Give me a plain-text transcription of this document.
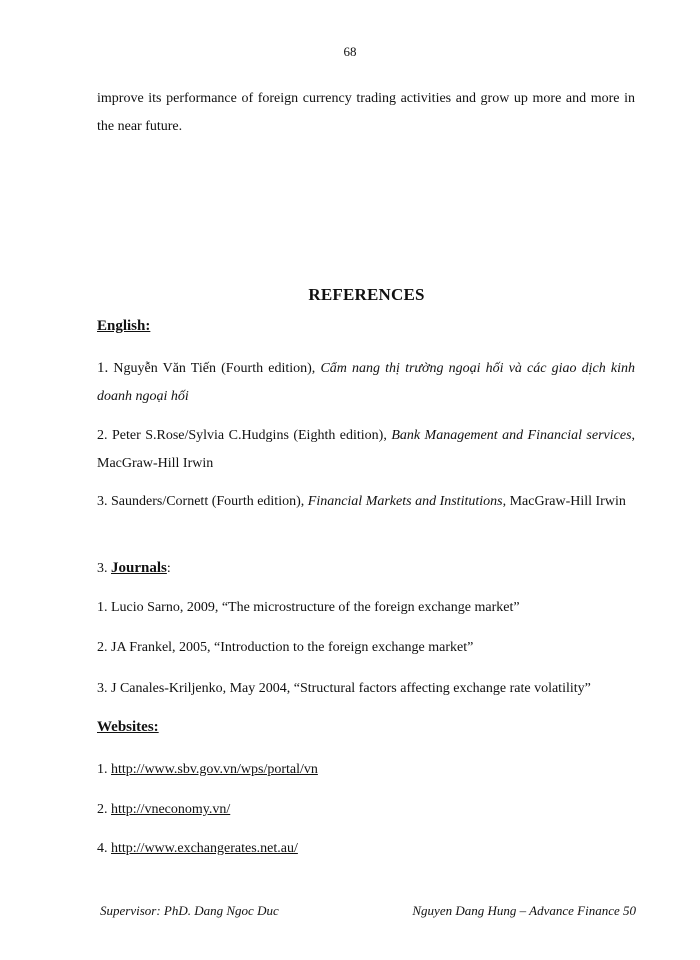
68
improve its performance of foreign currency trading activities and grow up more and more in the near future.
REFERENCES
English:
1. Nguyễn Văn Tiến (Fourth edition), Cẩm nang thị trường ngoại hối và các giao dịch kinh doanh ngoại hối
2. Peter S.Rose/Sylvia C.Hudgins (Eighth edition), Bank Management and Financial services, MacGraw-Hill Irwin
3. Saunders/Cornett (Fourth edition), Financial Markets and Institutions, MacGraw-Hill Irwin
3. Journals:
1. Lucio Sarno, 2009, “The microstructure of the foreign exchange market”
2. JA Frankel, 2005, “Introduction to the foreign exchange market”
3. J Canales-Kriljenko, May 2004, “Structural factors affecting exchange rate volatility”
Websites:
1. http://www.sbv.gov.vn/wps/portal/vn
2. http://vneconomy.vn/
4. http://www.exchangerates.net.au/
Supervisor: PhD. Dang Ngoc Duc	Nguyen Dang Hung – Advance Finance 50
